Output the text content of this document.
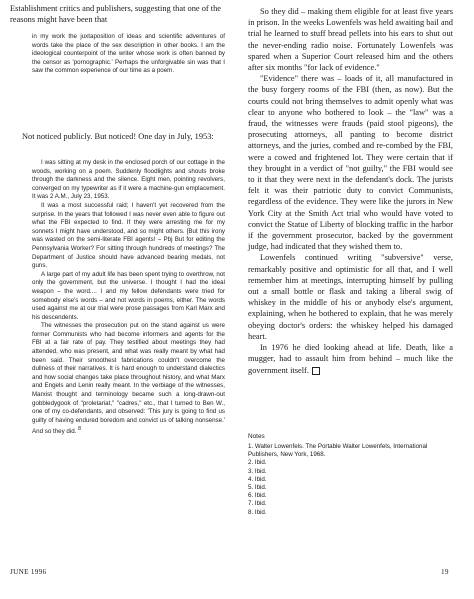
Establishment critics and publishers, suggesting that one of the reasons might have been that

in my work the juxtaposition of ideas and scientific adventures of words take the place of the sex description in other books. I am the ideological counterpoint of the writer whose work is often banned by the censor as 'pornographic.' Perhaps the unforgivable sin was that I saw the common experience of our time as a poem.

Not noticed publicly. But noticed! One day in July, 1953:

I was sitting at my desk in the enclosed porch of our cottage in the woods, working on a poem. Suddenly floodlights and shouts broke through the darkness and the silence. Eight men, pointing revolvers, converged on my typewriter as if it were a machine-gun emplacement. It was 2 A.M., July 23, 1953.

It was a most successful raid; I haven't yet recovered from the surprise. In the years that followed I was never even able to figure out what the FBI expected to find. If they were arresting me for my sonnets I might have understood, and so might others. [But this irony was wasted on the semi-literate FBI agents! – Pbj But for editing the Pennsylvania Worker? For sitting through hundreds of meetings? The Department of Justice should have advanced bearing medals, not guns.

A large part of my adult life has been spent trying to overthrow, not only the government, but the universe. I thought I had the ideal weapon – the word.... I and my fellow defendants were tried for somebody else's words – and not words in poems, either. The words used against me at our trial were prose passages from Karl Marx and his descendents.

The witnesses the prosecution put on the stand against us were former Communists who had become informers and agents for the FBI at a fair rate of pay. They testified about meetings they had attended, who was present, and what was really meant by what had been said. Their smoothest fabrications couldn't overcome the dullness of their narratives. It is hard enough to understand dialectics and how social changes take place throughout history, and what Marx and Engels and Lenin really meant. In the verbiage of the witnesses, Marxist thought and terminology became such a long-drawn-out gobbledygook of "proletariat," "cadres," etc., that I turned to Ben W., one of my co-defendants, and observed: 'This jury is going to find us guilty of having endured boredom and convict us of talking nonsense.' And so they did. $^8$

So they did – making them eligible for at least five years in prison. In the weeks Lowenfels was held awaiting bail and trial he learned to stuff bread pellets into his ears to shut out the never-ending radio noise. Fortunately Lowenfels was spared when a Superior Court released him and the others after six months "for lack of evidence."

"Evidence" there was – loads of it, all manufactured in the busy forgery rooms of the FBI (then, as now). But the courts could not bring themselves to admit openly what was clear to anyone who bothered to look – the "law" was a fraud, the witnesses were frauds (paid stool pigeons), the prosecuting attorneys, all panting to become district attorneys, and the juries, combed and re-combed by the FBI, were a cowed and frightened lot. They were certain that if they brought in a verdict of "not guilty," the FBI would see to it that they were next in the defendant's dock. The jurists felt it was their patriotic duty to convict Communists, regardless of the evidence. They were like the jurors in New York City at the Smith Act trial who would have voted to convict the Statue of Liberty of blocking traffic in the harbor if the government prosecutor, backed by the government judge, had indicated that they wished them to.

Lowenfels continued writing "subversive" verse, remarkably positive and optimistic for all that, and I well remember him at meetings, interrupting himself by pulling out a small bottle or flask and taking a liberal swig of whiskey in the middle of his or anybody else's argument, explaining, when he bothered to explain, that he was merely obeying doctor's orders: the whiskey helped his damaged heart.

In 1976 he died looking ahead at life. Death, like a mugger, had to assault him from behind – much like the government itself.

Notes

1. Walter Lowenfels. The Portable Walter Lowenfels, International Publishers, New York, 1968.

2. Ibid.

3. Ibid.

4. Ibid.

5. Ibid.

6. Ibid.

7. Ibid.

8. Ibid.

JUNE 1996	19
